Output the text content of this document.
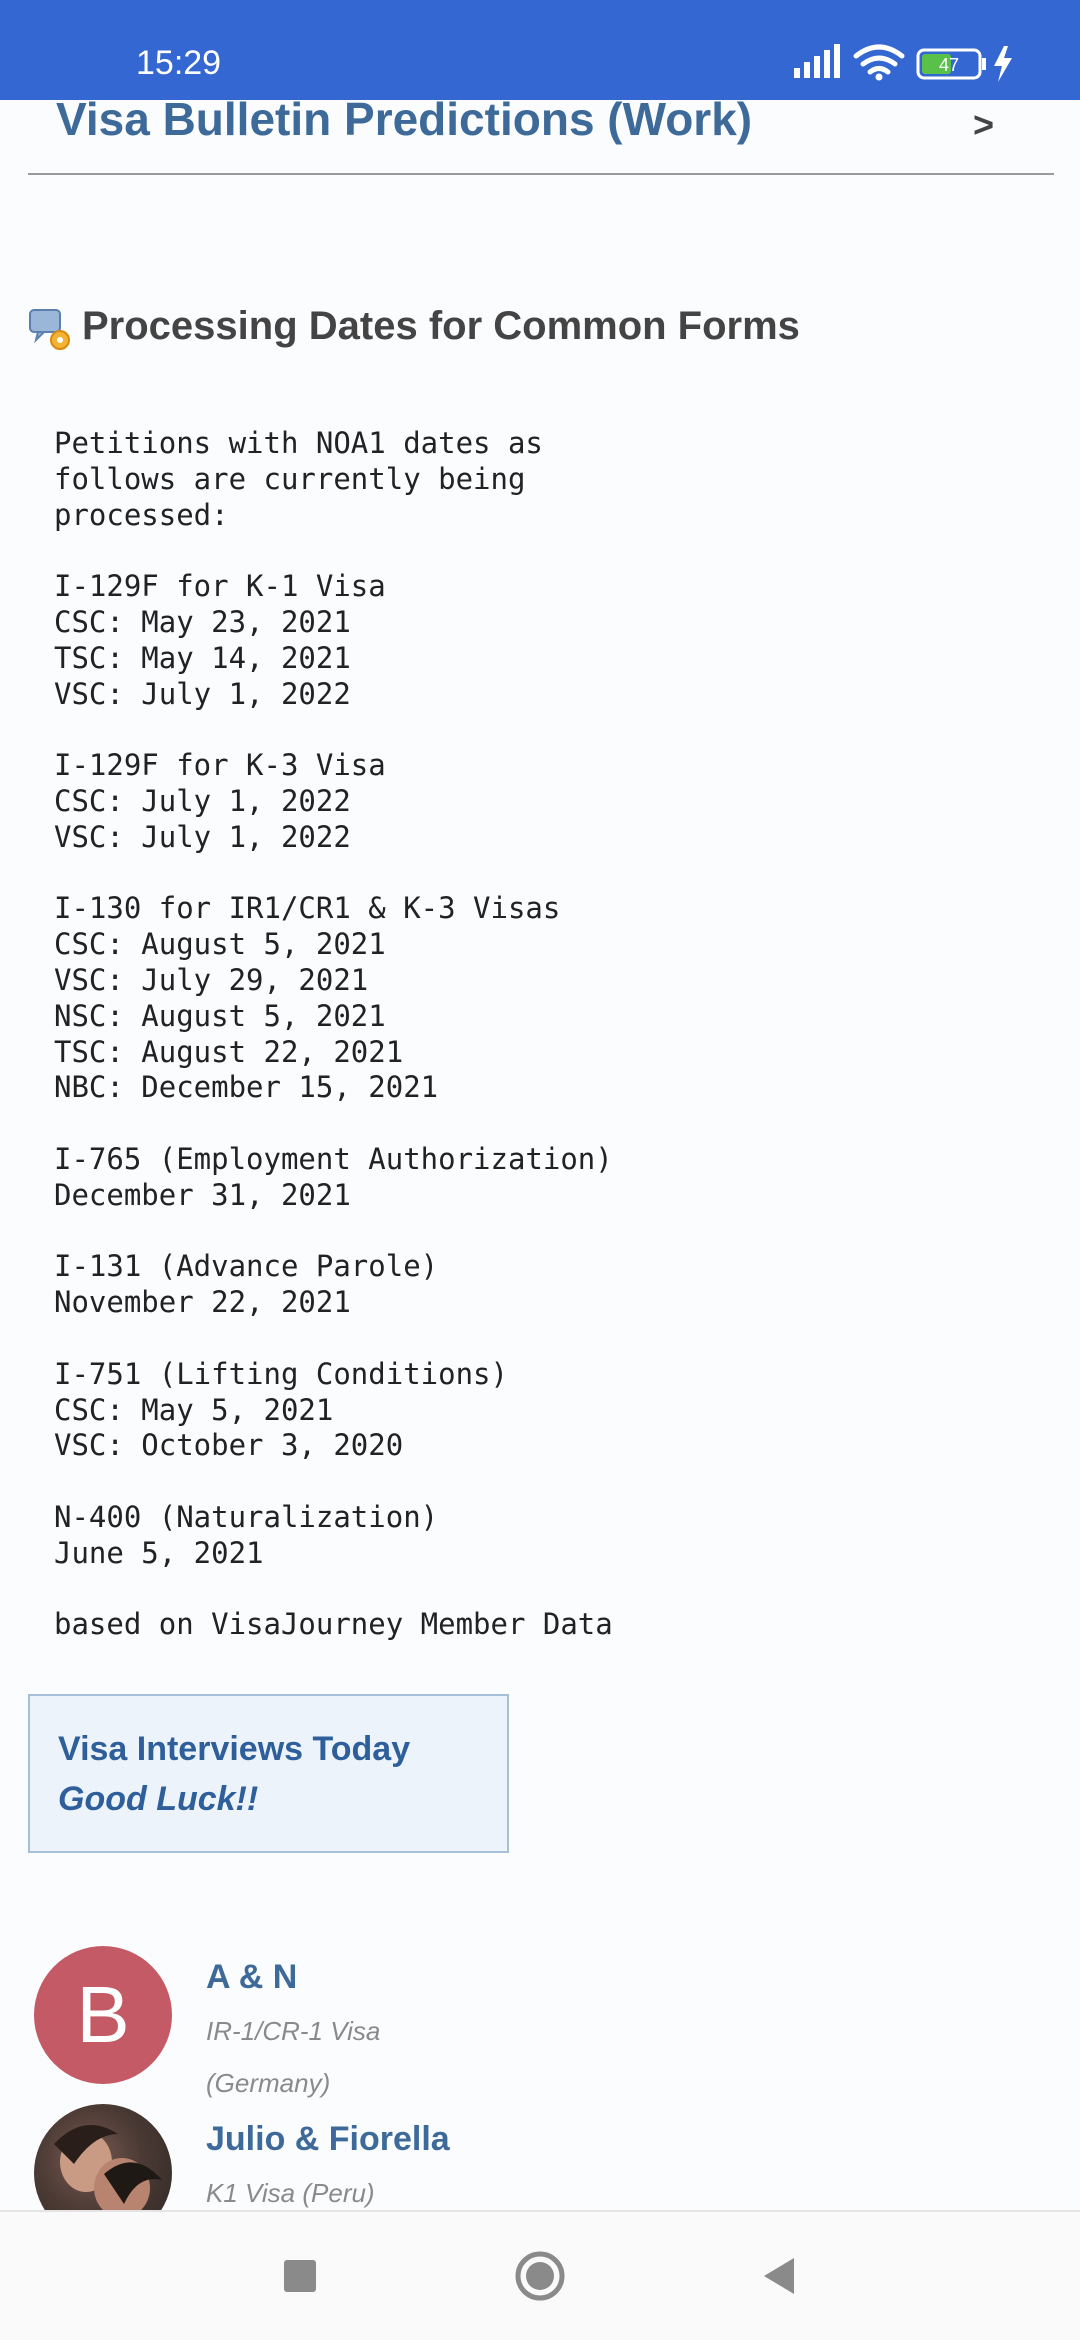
15:29	47
Visa Bulletin Predictions (Work)	>
Processing Dates for Common Forms
Petitions with NOA1 dates as
follows are currently being
processed:

I-129F for K-1 Visa
CSC: May 23, 2021
TSC: May 14, 2021
VSC: July 1, 2022

I-129F for K-3 Visa
CSC: July 1, 2022
VSC: July 1, 2022

I-130 for IR1/CR1 & K-3 Visas
CSC: August 5, 2021
VSC: July 29, 2021
NSC: August 5, 2021
TSC: August 22, 2021
NBC: December 15, 2021

I-765 (Employment Authorization)
December 31, 2021

I-131 (Advance Parole)
November 22, 2021

I-751 (Lifting Conditions)
CSC: May 5, 2021
VSC: October 3, 2020

N-400 (Naturalization)
June 5, 2021

based on VisaJourney Member Data
Visa Interviews Today
Good Luck!!
B A & N
IR-1/CR-1 Visa
(Germany)
Julio & Fiorella
K1 Visa (Peru)
